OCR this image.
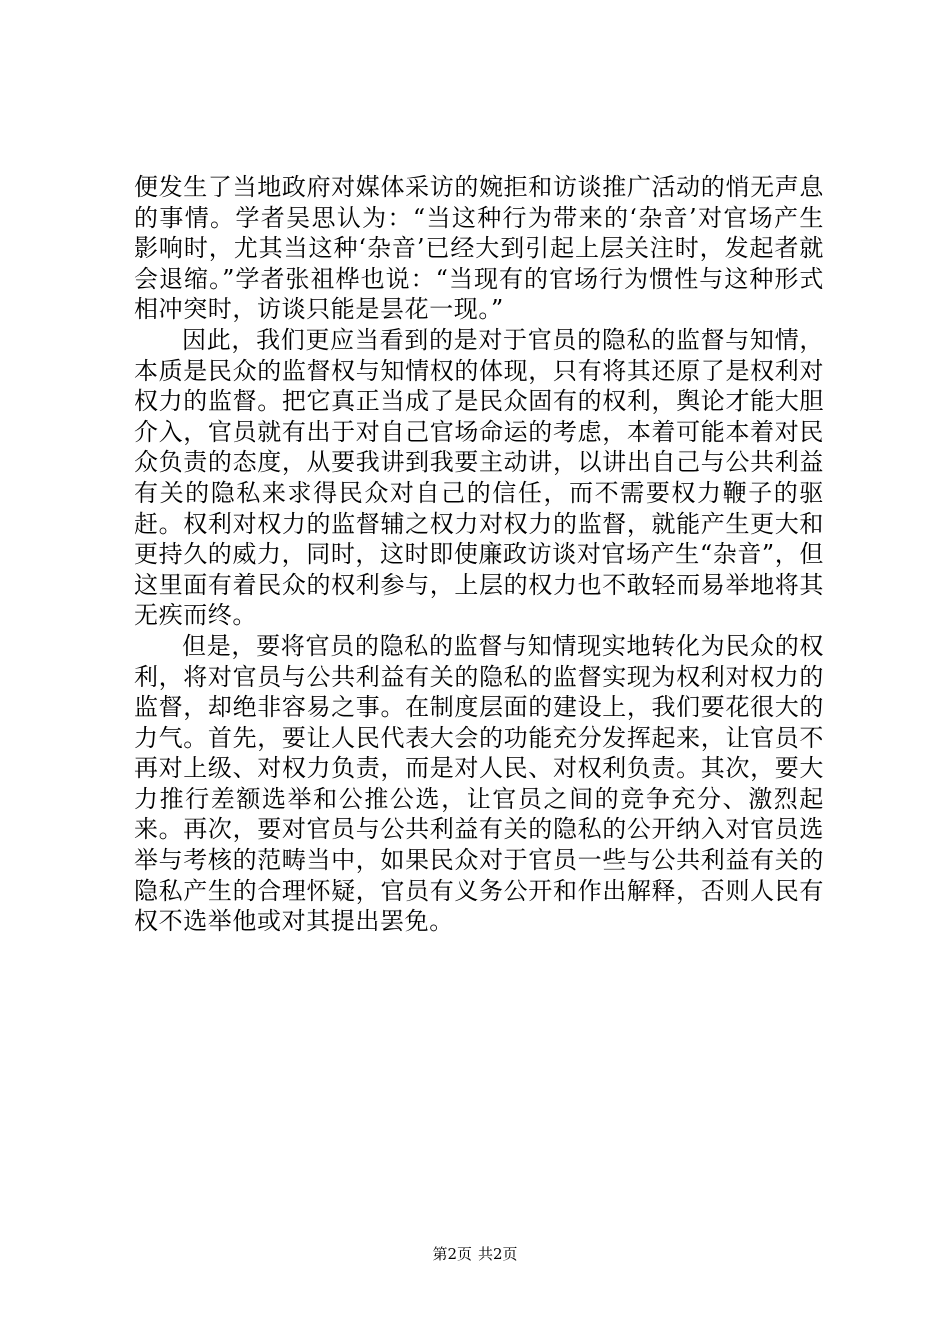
便发生了当地政府对媒体采访的婉拒和访谈推广活动的悄无声息的事情。学者吴思认为：“当这种行为带来的‘杂音’对官场产生影响时，尤其当这种‘杂音’已经大到引起上层关注时，发起者就会退缩。”学者张祖桦也说：“当现有的官场行为惯性与这种形式相冲突时，访谈只能是昙花一现。”

因此，我们更应当看到的是对于官员的隐私的监督与知情，本质是民众的监督权与知情权的体现，只有将其还原了是权利对权力的监督。把它真正当成了是民众固有的权利，舆论才能大胆介入，官员就有出于对自己官场命运的考虑，本着可能本着对民众负责的态度，从要我讲到我要主动讲，以讲出自己与公共利益有关的隐私来求得民众对自己的信任，而不需要权力鞭子的驱赶。权利对权力的监督辅之权力对权力的监督，就能产生更大和更持久的威力，同时，这时即使廉政访谈对官场产生“杂音”，但这里面有着民众的权利参与，上层的权力也不敢轻而易举地将其无疾而终。

但是，要将官员的隐私的监督与知情现实地转化为民众的权利，将对官员与公共利益有关的隐私的监督实现为权利对权力的监督，却绝非容易之事。在制度层面的建设上，我们要花很大的力气。首先，要让人民代表大会的功能充分发挥起来，让官员不再对上级、对权力负责，而是对人民、对权利负责。其次，要大力推行差额选举和公推公选，让官员之间的竞争充分、激烈起来。再次，要对官员与公共利益有关的隐私的公开纳入对官员选举与考核的范畴当中，如果民众对于官员一些与公共利益有关的隐私产生的合理怀疑，官员有义务公开和作出解释，否则人民有权不选举他或对其提出罢免。

第2页 共2页
